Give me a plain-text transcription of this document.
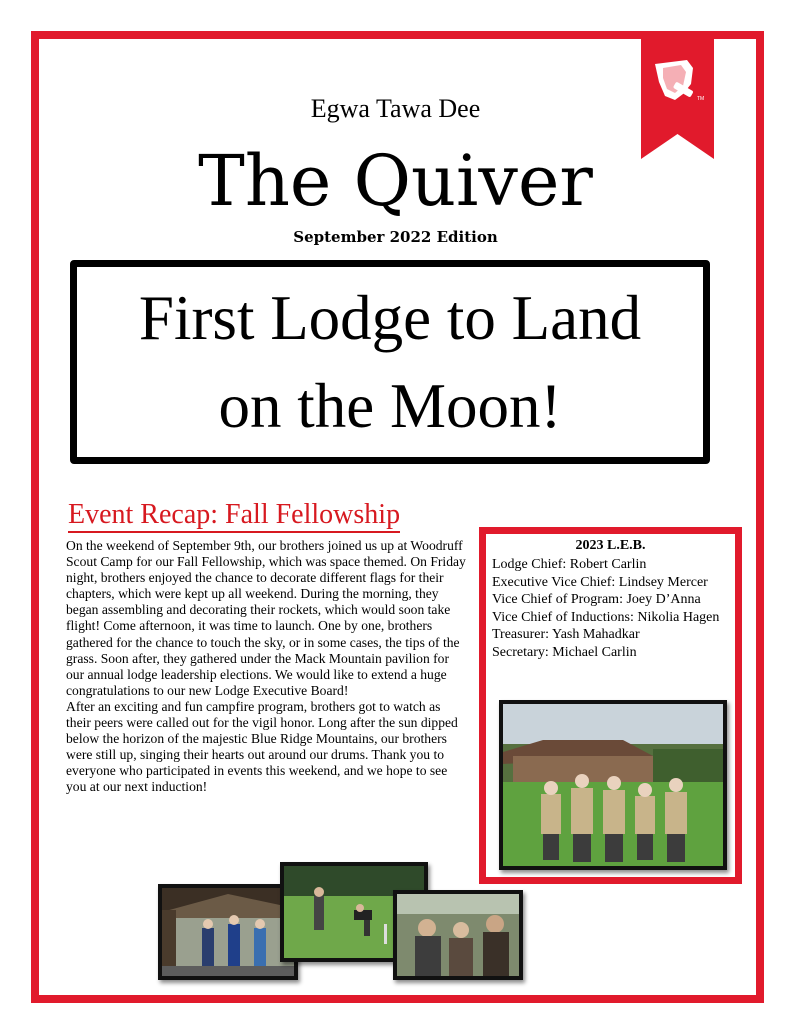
TM
Egwa Tawa Dee
The Quiver
September 2022 Edition
First Lodge to Land
on the Moon!
Event Recap: Fall Fellowship

On the weekend of September 9th, our brothers joined us up at Woodruff Scout Camp for our Fall Fellowship, which was space themed. On Friday night, brothers enjoyed the chance to decorate different flags for their chapters, which were kept up all weekend. During the morning, they began assembling and decorating their rockets, which would soon take flight! Come afternoon, it was time to launch. One by one, brothers gathered for the chance to touch the sky, or in some cases, the tips of the grass. Soon after, they gathered under the Mack Mountain pavilion for our annual lodge leadership elections. We would like to extend a huge congratulations to our new Lodge Executive Board!

After an exciting and fun campfire program, brothers got to watch as their peers were called out for the vigil honor. Long after the sun dipped below the horizon of the majestic Blue Ridge Mountains, our brothers were still up, singing their hearts out around our drums. Thank you to everyone who participated in events this weekend, and we hope to see you at our next induction!

2023 L.E.B.
Lodge Chief: Robert Carlin
Executive Vice Chief: Lindsey Mercer
Vice Chief of Program: Joey D’Anna
Vice Chief of Inductions: Nikolia Hagen
Treasurer: Yash Mahadkar
Secretary: Michael Carlin
